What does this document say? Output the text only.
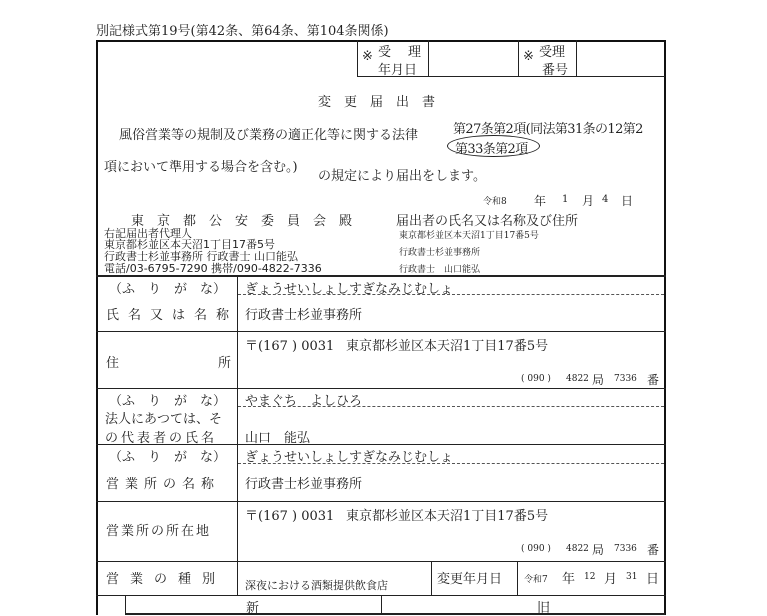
別記様式第19号(第42条、第64条、第104条関係)
※ 受　理
年月日
※ 受理
番号
変　更　届　出　書
風俗営業等の規制及び業務の適正化等に関する法律	第27条第2項(同法第31条の12第2
第33条第2項
項において準用する場合を含む。)
の規定により届出をします。
令和8 年 1 月 4 日
東　京　都　公　安　委　員　会　殿
右記届出者代理人
東京都杉並区本天沼1丁目17番5号
行政書士杉並事務所 行政書士 山口能弘
電話/03-6795-7290 携帯/090-4822-7336
届出者の氏名又は名称及び住所
東京都杉並区本天沼1丁目17番5号
行政書士杉並事務所
行政書士　山口能弘
（ふ　り　が　な）	ぎょうせいしょしすぎなみじむしょ
氏名又は名称 行政書士杉並事務所
住	所
〒(167 ) 0031 東京都杉並区本天沼1丁目17番5号
( 090 ) 4822 局 7336 番
（ふ　り　が　な）	やまぐち　よしひろ
法人にあつては、そ
の代表者の氏名 山口　能弘
（ふ　り　が　な）	ぎょうせいしょしすぎなみじむしょ
営業所の名称 行政書士杉並事務所
営業所の所在地
〒(167 ) 0031 東京都杉並区本天沼1丁目17番5号
( 090 ) 4822 局 7336 番
営業の種別 深夜における酒類提供飲食店	変更年月日 令和7 年 12 月 31 日
新	旧
